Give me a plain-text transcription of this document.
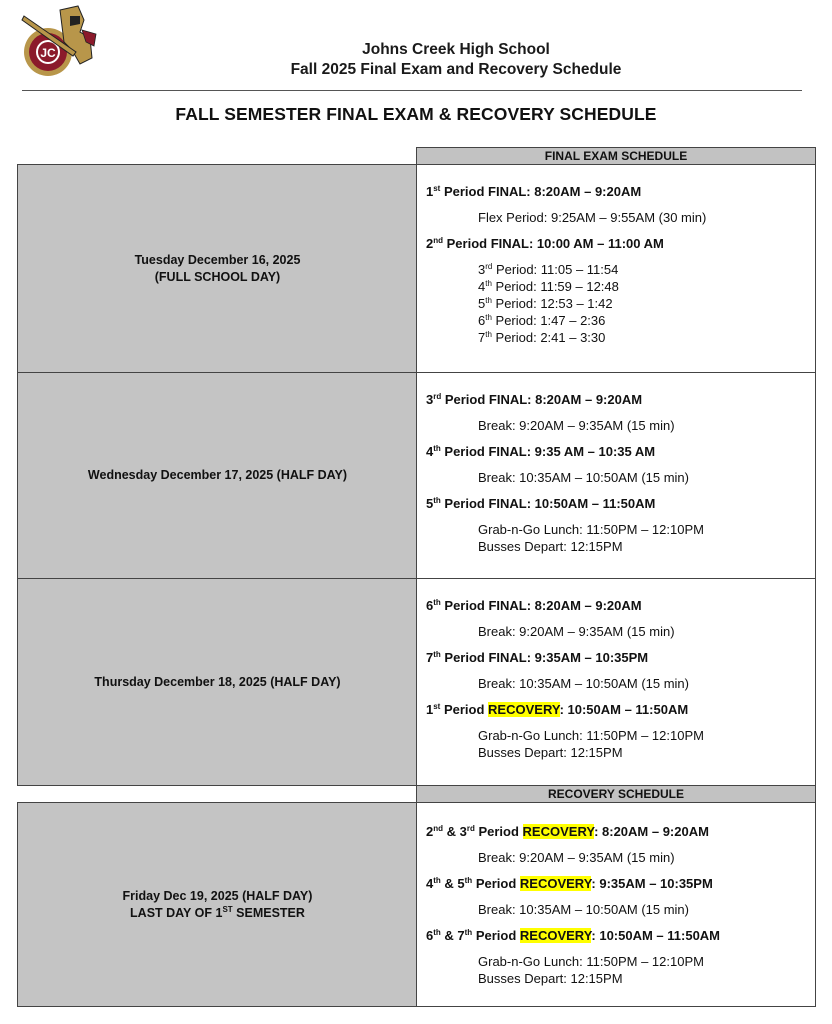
JC	Johns Creek High School
Fall 2025 Final Exam and Recovery Schedule
FALL SEMESTER FINAL EXAM & RECOVERY SCHEDULE
FINAL EXAM SCHEDULE
Tuesday December 16, 2025
(FULL SCHOOL DAY)
1st Period FINAL: 8:20AM – 9:20AM
Flex Period: 9:25AM – 9:55AM (30 min)
2nd Period FINAL: 10:00 AM – 11:00 AM
3rd Period: 11:05 – 11:54
4th Period: 11:59 – 12:48
5th Period: 12:53 – 1:42
6th Period: 1:47 – 2:36
7th Period: 2:41 – 3:30
Wednesday December 17, 2025 (HALF DAY)
3rd Period FINAL: 8:20AM – 9:20AM
Break: 9:20AM – 9:35AM (15 min)
4th Period FINAL: 9:35 AM – 10:35 AM
Break: 10:35AM – 10:50AM (15 min)
5th Period FINAL: 10:50AM – 11:50AM
Grab-n-Go Lunch: 11:50PM – 12:10PM
Busses Depart: 12:15PM
Thursday December 18, 2025 (HALF DAY)
6th Period FINAL: 8:20AM – 9:20AM
Break: 9:20AM – 9:35AM (15 min)
7th Period FINAL: 9:35AM – 10:35PM
Break: 10:35AM – 10:50AM (15 min)
1st Period RECOVERY: 10:50AM – 11:50AM
Grab-n-Go Lunch: 11:50PM – 12:10PM
Busses Depart: 12:15PM
RECOVERY SCHEDULE
Friday Dec 19, 2025 (HALF DAY)
LAST DAY OF 1ST SEMESTER
2nd & 3rd Period RECOVERY: 8:20AM – 9:20AM
Break: 9:20AM – 9:35AM (15 min)
4th & 5th Period RECOVERY: 9:35AM – 10:35PM
Break: 10:35AM – 10:50AM (15 min)
6th & 7th Period RECOVERY: 10:50AM – 11:50AM
Grab-n-Go Lunch: 11:50PM – 12:10PM
Busses Depart: 12:15PM
